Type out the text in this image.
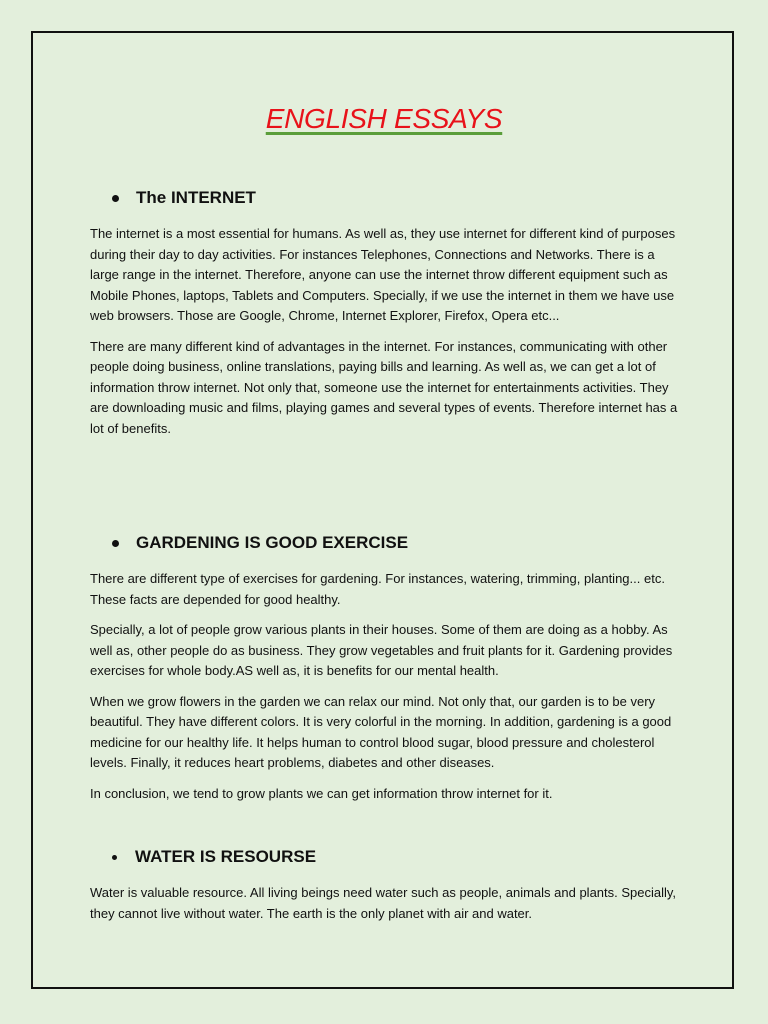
ENGLISH ESSAYS
The INTERNET

The internet is a most essential for humans. As well as, they use internet for different kind of purposes during their day to day activities. For instances Telephones, Connections and Networks. There is a large range in the internet. Therefore, anyone can use the internet throw different equipment such as Mobile Phones, laptops, Tablets and Computers. Specially, if we use the internet in them we have use web browsers. Those are Google, Chrome, Internet Explorer, Firefox, Opera etc...

There are many different kind of advantages in the internet. For instances, communicating with other people doing business, online translations, paying bills and learning. As well as, we can get a lot of information throw internet. Not only that, someone use the internet for entertainments activities. They are downloading music and films, playing games and several types of events. Therefore internet has a lot of benefits.

GARDENING IS GOOD EXERCISE

There are different type of exercises for gardening. For instances, watering, trimming, planting... etc. These facts are depended for good healthy.

Specially, a lot of people grow various plants in their houses. Some of them are doing as a hobby. As well as, other people do as business. They grow vegetables and fruit plants for it. Gardening provides exercises for whole body.AS well as, it is benefits for our mental health.

When we grow flowers in the garden we can relax our mind. Not only that, our garden is to be very beautiful. They have different colors. It is very colorful in the morning. In addition, gardening is a good medicine for our healthy life. It helps human to control blood sugar, blood pressure and cholesterol levels. Finally, it reduces heart problems, diabetes and other diseases.

In conclusion, we tend to grow plants we can get information throw internet for it.

WATER IS RESOURSE

Water is valuable resource. All living beings need water such as people, animals and plants. Specially, they cannot live without water. The earth is the only planet with air and water.
